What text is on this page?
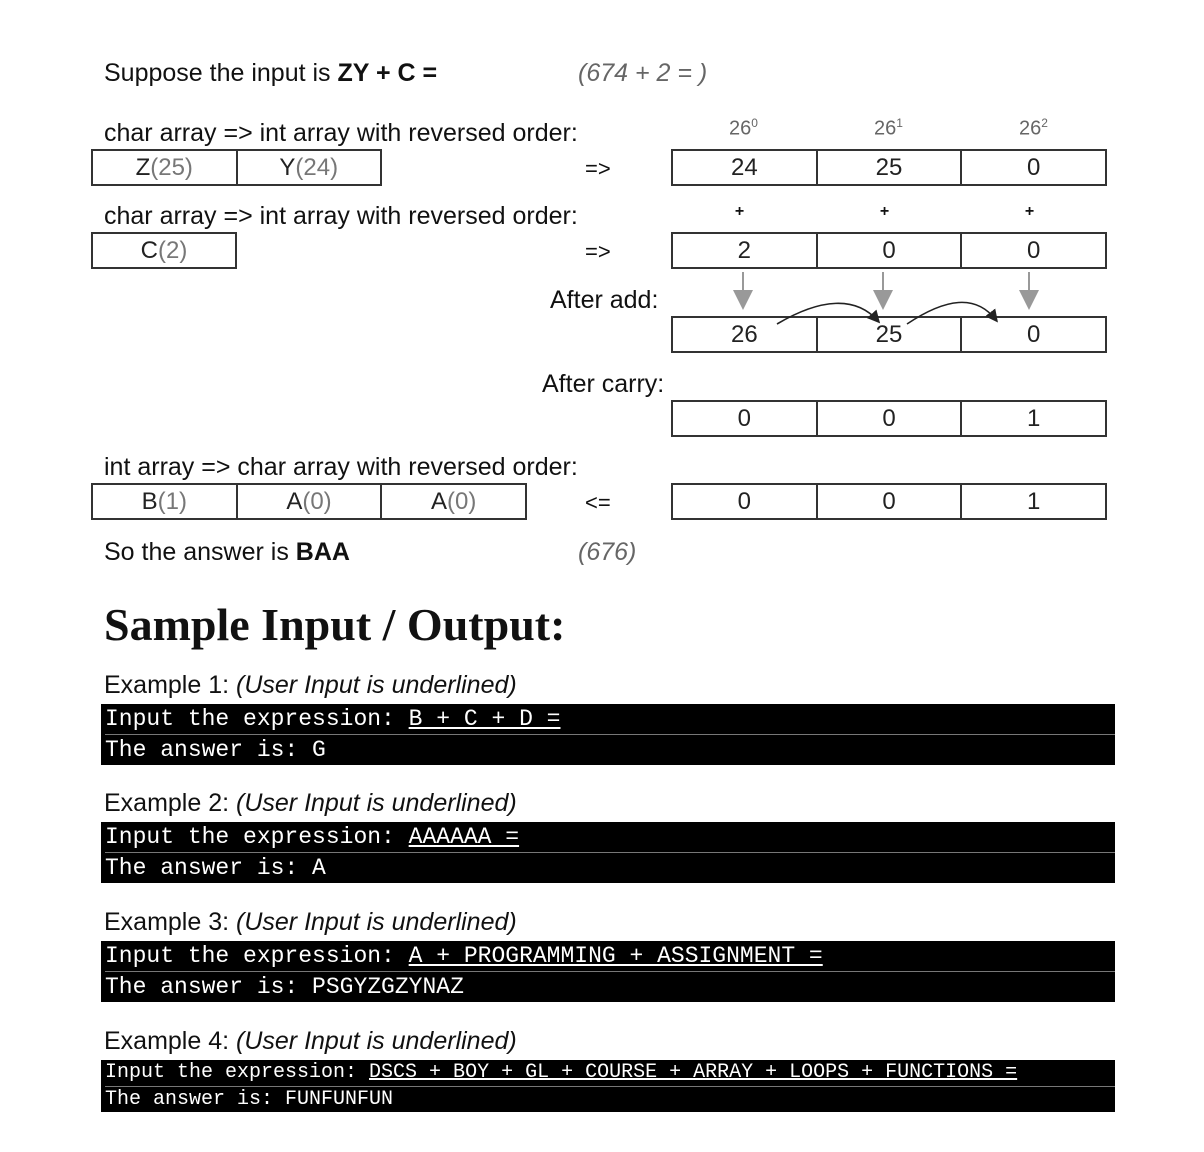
Suppose the input is ZY + C =	(674 + 2 = )
char array => int array with reversed order:
Z (25)	Y (24)	=>
$26^0$	$26^1$	$26^2$
24	25	0
+	+	+
char array => int array with reversed order:
C (2)	=>	2	0	0
After add:
26	25	0
After carry:
0	0	1
int array => char array with reversed order:
B (1)	A (0)	A (0)	<=	0	0	1
So the answer is BAA	(676)
Sample Input / Output:
Example 1: (User Input is underlined)
Input the expression: B + C + D =
The answer is: G
Example 2: (User Input is underlined)
Input the expression: AAAAAA =
The answer is: A
Example 3: (User Input is underlined)
Input the expression: A + PROGRAMMING + ASSIGNMENT =
The answer is: PSGYZGZYNAZ
Example 4: (User Input is underlined)
Input the expression: DSCS + BOY + GL + COURSE + ARRAY + LOOPS + FUNCTIONS =
The answer is: FUNFUNFUN
